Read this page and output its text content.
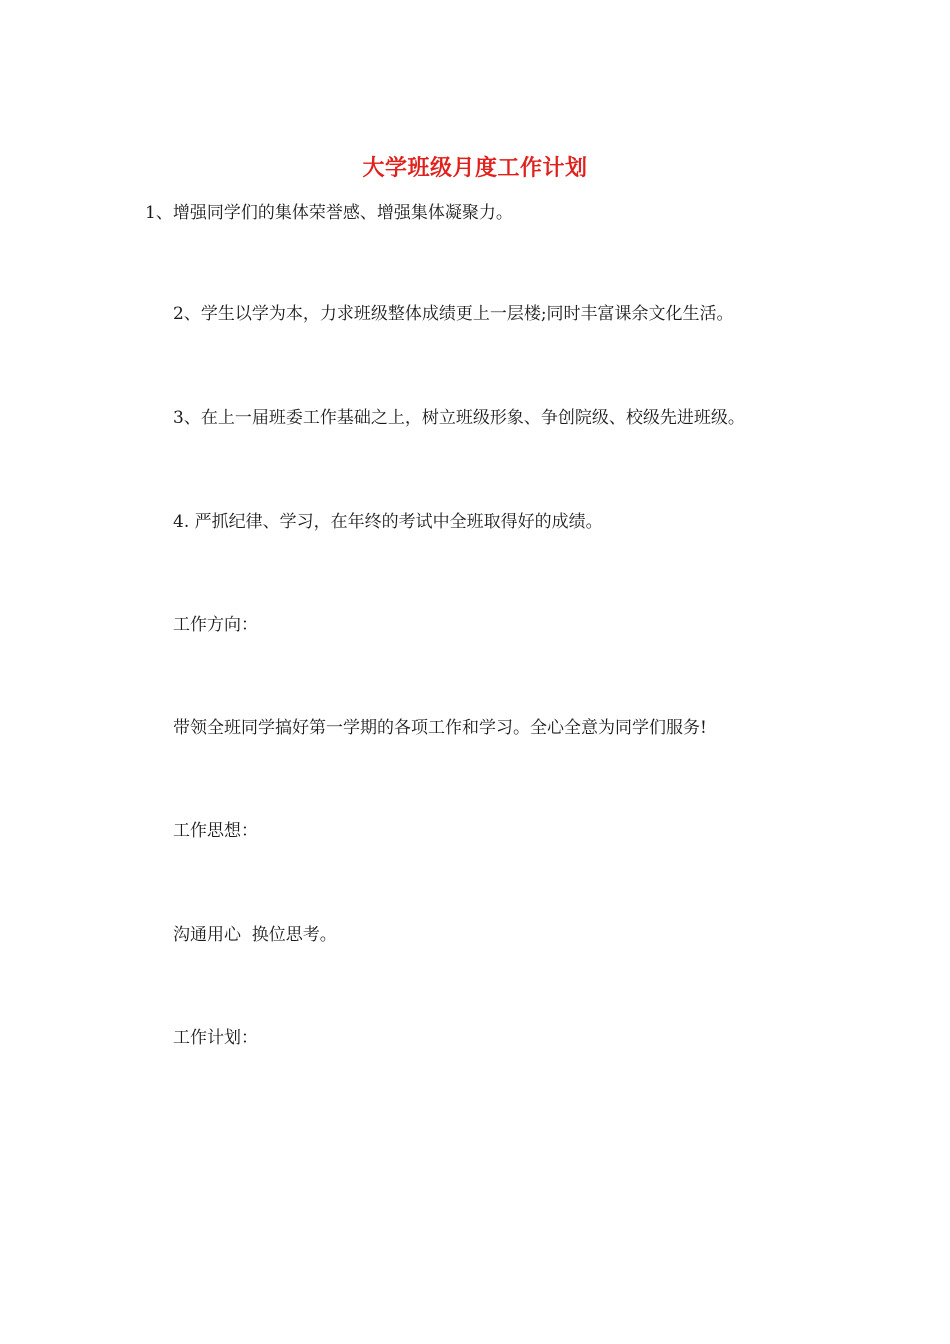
大学班级月度工作计划
1、增强同学们的集体荣誉感、增强集体凝聚力。
2、学生以学为本，力求班级整体成绩更上一层楼;同时丰富课余文化生活。
3、在上一届班委工作基础之上，树立班级形象、争创院级、校级先进班级。
4. 严抓纪律、学习，在年终的考试中全班取得好的成绩。
工作方向：
带领全班同学搞好第一学期的各项工作和学习。全心全意为同学们服务!
工作思想：
沟通用心  换位思考。
工作计划：
